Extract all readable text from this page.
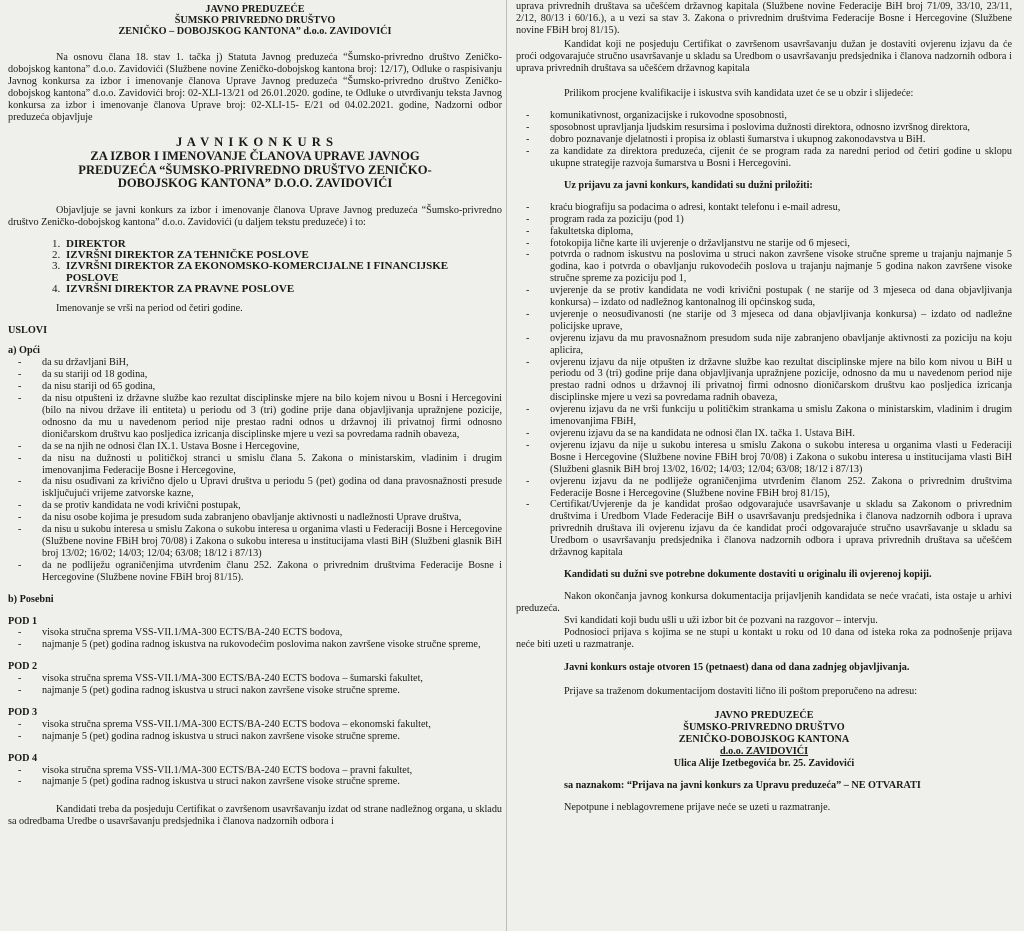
JAVNO PREDUZEĆE
ŠUMSKO PRIVREDNO DRUŠTVO
ZENIČKO – DOBOJSKOG KANTONA” d.o.o. ZAVIDOVIĆI

Na osnovu člana 18. stav 1. tačka j) Statuta Javnog preduzeća “Šumsko-privredno društvo Zeničko-dobojskog kantona” d.o.o. Zavidovići (Službene novine Zeničko-dobojskog kantona broj: 12/17), Odluke o raspisivanju Javnog konkursa za izbor i imenovanje članova Uprave Javnog preduzeća “Šumsko-privredno društvo Zeničko-dobojskog kantona” d.o.o. Zavidovići broj: 02-XLI-13/21 od 26.01.2020. godine, te Odluke o utvrđivanju teksta Javnog konkursa za izbor i imenovanje članova Uprave broj: 02-XLI-15- E/21 od 04.02.2021. godine, Nadzorni odbor preduzeća objavljuje

J A V N I K O N K U R S
ZA IZBOR I IMENOVANJE ČLANOVA UPRAVE JAVNOG
PREDUZEĆA “ŠUMSKO-PRIVREDNO DRUŠTVO ZENIČKO-
DOBOJSKOG KANTONA” D.O.O. ZAVIDOVIĆI

Objavljuje se javni konkurs za izbor i imenovanje članova Uprave Javnog preduzeća “Šumsko-privredno društvo Zeničko-dobojskog kantona” d.o.o. Zavidovići (u daljem tekstu preduzeće) i to:

1. DIREKTOR
2. IZVRŠNI DIREKTOR ZA TEHNIČKE POSLOVE
3. IZVRŠNI DIREKTOR ZA EKONOMSKO-KOMERCIJALNE I FINANCIJSKE POSLOVE
4. IZVRŠNI DIREKTOR ZA PRAVNE POSLOVE

Imenovanje se vrši na period od četiri godine.

USLOVI

a) Opći

- da su državljani BiH,
- da su stariji od 18 godina,
- da nisu stariji od 65 godina,
- da nisu otpušteni iz državne službe kao rezultat disciplinske mjere na bilo kojem nivou u Bosni i Hercegovini (bilo na nivou države ili entiteta) u periodu od 3 (tri) godine prije dana objavljivanja upražnjene pozicije, odnosno da mu u navedenom period nije prestao radni odnos u državnoj ili privatnoj firmi odnosno dioničarskom društvu kao posljedica izricanja disciplinske mjere u vezi sa povredama radnih obaveza,
- da se na njih ne odnosi član IX.1. Ustava Bosne i Hercegovine,
- da nisu na dužnosti u političkoj stranci u smislu člana 5. Zakona o ministarskim, vladinim i drugim imenovanjima Federacije Bosne i Hercegovine,
- da nisu osuđivani za krivično djelo u Upravi društva u periodu 5 (pet) godina od dana pravosnažnosti presude isključujući vrijeme zatvorske kazne,
- da se protiv kandidata ne vodi krivični postupak,
- da nisu osobe kojima je presudom suda zabranjeno obavljanje aktivnosti u nadležnosti Uprave društva,
- da nisu u sukobu interesa u smislu Zakona o sukobu interesa u organima vlasti u Federaciji Bosne i Hercegovine (Službene novine FBiH broj 70/08) i Zakona o sukobu interesa u institucijama vlasti BiH (Službeni glasnik BiH broj 13/02; 16/02; 14/03; 12/04; 63/08; 18/12 i 87/13)
- da ne podliježu ograničenjima utvrđenim članu 252. Zakona o privrednim društvima Federacije Bosne i Hercegovine (Službene novine FBiH broj 81/15).

b) Posebni

POD 1

- visoka stručna sprema VSS-VII.1/MA-300 ECTS/BA-240 ECTS bodova,
- najmanje 5 (pet) godina radnog iskustva na rukovodećim poslovima nakon završene visoke stručne spreme,

POD 2

- visoka stručna sprema VSS-VII.1/MA-300 ECTS/BA-240 ECTS bodova – šumarski fakultet,
- najmanje 5 (pet) godina radnog iskustva u struci nakon završene visoke stručne spreme.

POD 3

- visoka stručna sprema VSS-VII.1/MA-300 ECTS/BA-240 ECTS bodova – ekonomski fakultet,
- najmanje 5 (pet) godina radnog iskustva u struci nakon završene visoke stručne spreme.

POD 4

- visoka stručna sprema VSS-VII.1/MA-300 ECTS/BA-240 ECTS bodova – pravni fakultet,
- najmanje 5 (pet) godina radnog iskustva u struci nakon završene visoke stručne spreme.

Kandidati treba da posjeduju Certifikat o završenom usavršavanju izdat od strane nadležnog organa, u skladu sa odredbama Uredbe o usavršavanju predsjednika i članova nadzornih odbora i

uprava privrednih društava sa učešćem državnog kapitala (Službene novine Federacije BiH broj 71/09, 33/10, 23/11, 2/12, 80/13 i 60/16.), a u vezi sa stav 3. Zakona o privrednim društvima Federacije Bosne i Hercegovine (Službene novine FBiH broj 81/15).

Kandidat koji ne posjeduju Certifikat o završenom usavršavanju dužan je dostaviti ovjerenu izjavu da će proći odgovarajuće stručno usavršavanje u skladu sa Uredbom o usavršavanju predsjednika i članova nadzornih odbora i uprava privrednih društava sa učešćem državnog kapitala

Prilikom procjene kvalifikacije i iskustva svih kandidata uzet će se u obzir i slijedeće:

- komunikativnost, organizacijske i rukovodne sposobnosti,
- sposobnost upravljanja ljudskim resursima i poslovima dužnosti direktora, odnosno izvršnog direktora,
- dobro poznavanje djelatnosti i propisa iz oblasti šumarstva i ukupnog zakonodavstva u BiH.
- za kandidate za direktora preduzeća, cijenit će se program rada za naredni period od četiri godine u sklopu ukupne strategije razvoja šumarstva u Bosni i Hercegovini.

Uz prijavu za javni konkurs, kandidati su dužni priložiti:

- kraću biografiju sa podacima o adresi, kontakt telefonu i e-mail adresu,
- program rada za poziciju (pod 1)
- fakultetska diploma,
- fotokopija lične karte ili uvjerenje o državljanstvu ne starije od 6 mjeseci,
- potvrda o radnom iskustvu na poslovima u struci nakon završene visoke stručne spreme u trajanju najmanje 5 godina, kao i potvrda o obavljanju rukovodećih poslova u trajanju najmanje 5 godina nakon završene visoke stručne spreme za poziciju pod 1,
- uvjerenje da se protiv kandidata ne vodi krivični postupak ( ne starije od 3 mjeseca od dana objavljivanja konkursa) – izdato od nadležnog kantonalnog ili općinskog suda,
- uvjerenje o neosuđivanosti (ne starije od 3 mjeseca od dana objavljivanja konkursa) – izdato od nadležne policijske uprave,
- ovjerenu izjavu da mu pravosnažnom presudom suda nije zabranjeno obavljanje aktivnosti za poziciju na koju aplicira,
- ovjerenu izjavu da nije otpušten iz državne službe kao rezultat disciplinske mjere na bilo kom nivou u BiH u periodu od 3 (tri) godine prije dana objavljivanja upražnjene pozicije, odnosno da mu u navedenom period nije prestao radni odnos u državnoj ili privatnoj firmi odnosno dioničarskom društvu kao posljedica izricanja disciplinske mjere u vezi sa povredama radnih obaveza,
- ovjerenu izjavu da ne vrši funkciju u političkim strankama u smislu Zakona o ministarskim, vladinim i drugim imenovanjima FBiH,
- ovjerenu izjavu da se na kandidata ne odnosi član IX. tačka 1. Ustava BiH.
- ovjerenu izjavu da nije u sukobu interesa u smislu Zakona o sukobu interesa u organima vlasti u Federaciji Bosne i Hercegovine (Službene novine FBiH broj 70/08) i Zakona o sukobu interesa u institucijama vlasti BiH (Službeni glasnik BiH broj 13/02, 16/02; 14/03; 12/04; 63/08; 18/12 i 87/13)
- ovjerenu izjavu da ne podliježe ograničenjima utvrđenim članom 252. Zakona o privrednim društvima Federacije Bosne i Hercegovine (Službene novine FBiH broj 81/15),
- Certifikat/Uvjerenje da je kandidat prošao odgovarajuće usavršavanje u skladu sa Zakonom o privrednim društvima i Uredbom Vlade Federacije BiH o usavršavanju predsjednika i članova nadzornih odbora i uprava privrednih društava ili ovjerenu izjavu da će kandidat proći odgovarajuće stručno usavršavanje u skladu sa Uredbom o usavršavanju predsjednika i članova nadzornih odbora i uprava privrednih društava sa učešćem državnog kapitala

Kandidati su dužni sve potrebne dokumente dostaviti u originalu ili ovjerenoj kopiji.

Nakon okončanja javnog konkursa dokumentacija prijavljenih kandidata se neće vraćati, ista ostaje u arhivi preduzeća.

Svi kandidati koji budu ušli u uži izbor bit će pozvani na razgovor – intervju.

Podnosioci prijava s kojima se ne stupi u kontakt u roku od 10 dana od isteka roka za podnošenje prijava neće biti uzeti u razmatranje.

Javni konkurs ostaje otvoren 15 (petnaest) dana od dana zadnjeg objavljivanja.

Prijave sa traženom dokumentacijom dostaviti lično ili poštom preporučeno na adresu:

JAVNO PREDUZEĆE
ŠUMSKO-PRIVREDNO DRUŠTVO
ZENIČKO-DOBOJSKOG KANTONA
d.o.o. ZAVIDOVIĆI
Ulica Alije Izetbegovića br. 25. Zavidovići

sa naznakom: “Prijava na javni konkurs za Upravu preduzeća” – NE OTVARATI

Nepotpune i neblagovremene prijave neće se uzeti u razmatranje.
